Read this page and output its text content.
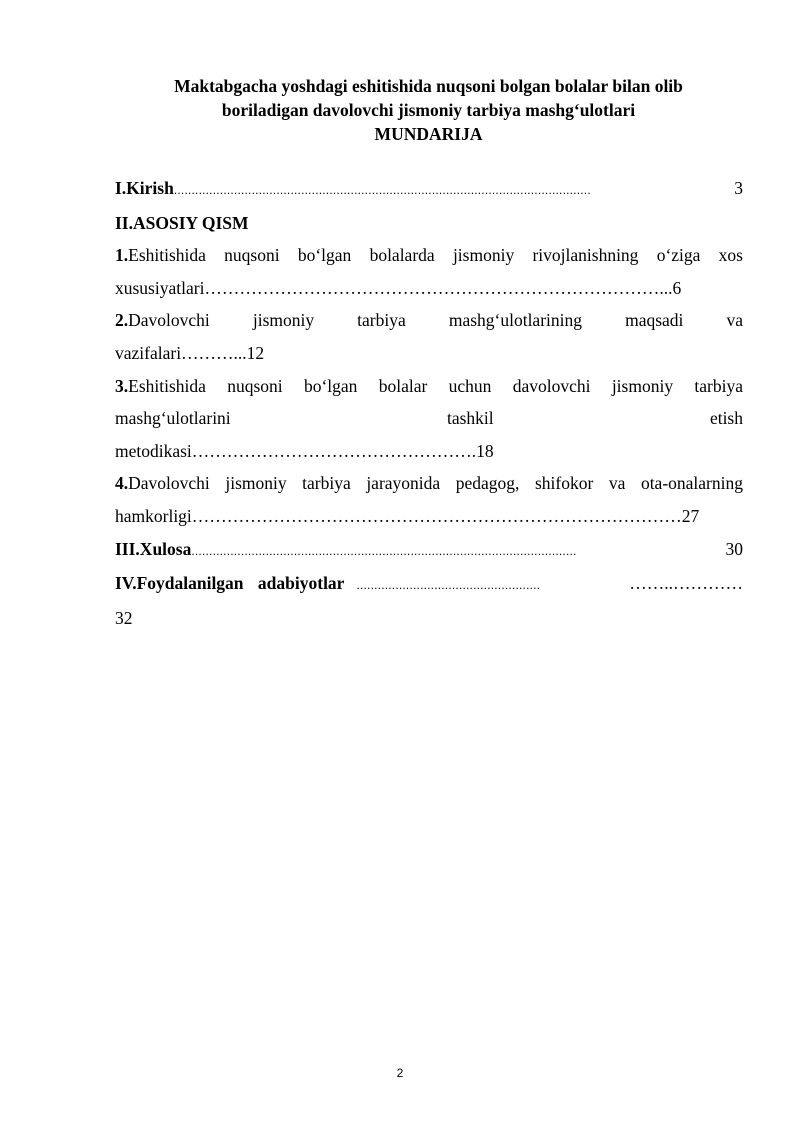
Maktabgacha yoshdagi eshitishida nuqsoni bolgan bolalar bilan olib
boriladigan davolovchi jismoniy tarbiya mashg‘ulotlari
MUNDARIJA
I.Kirish ......................................................................................................................	3
II.ASOSIY QISM
1.Eshitishida nuqsoni bo‘lgan bolalarda jismoniy rivojlanishning o‘ziga xos
xususiyatlari……………………………………………………………………...6
2.Davolovchi jismoniy tarbiya mashg‘ulotlarining maqsadi va
vazifalari………...12
3.Eshitishida nuqsoni bo‘lgan bolalar uchun davolovchi jismoniy tarbiya
mashg‘ulotlarini tashkil etish
metodikasi………………………………………….18
4.Davolovchi jismoniy tarbiya jarayonida pedagog, shifokor va ota-onalarning
hamkorligi…………………………………………………………………………27
III.Xulosa .............................................................................................................	30
IV.Foydalanilgan adabiyotlar ....................................................	……..…………
32
2
